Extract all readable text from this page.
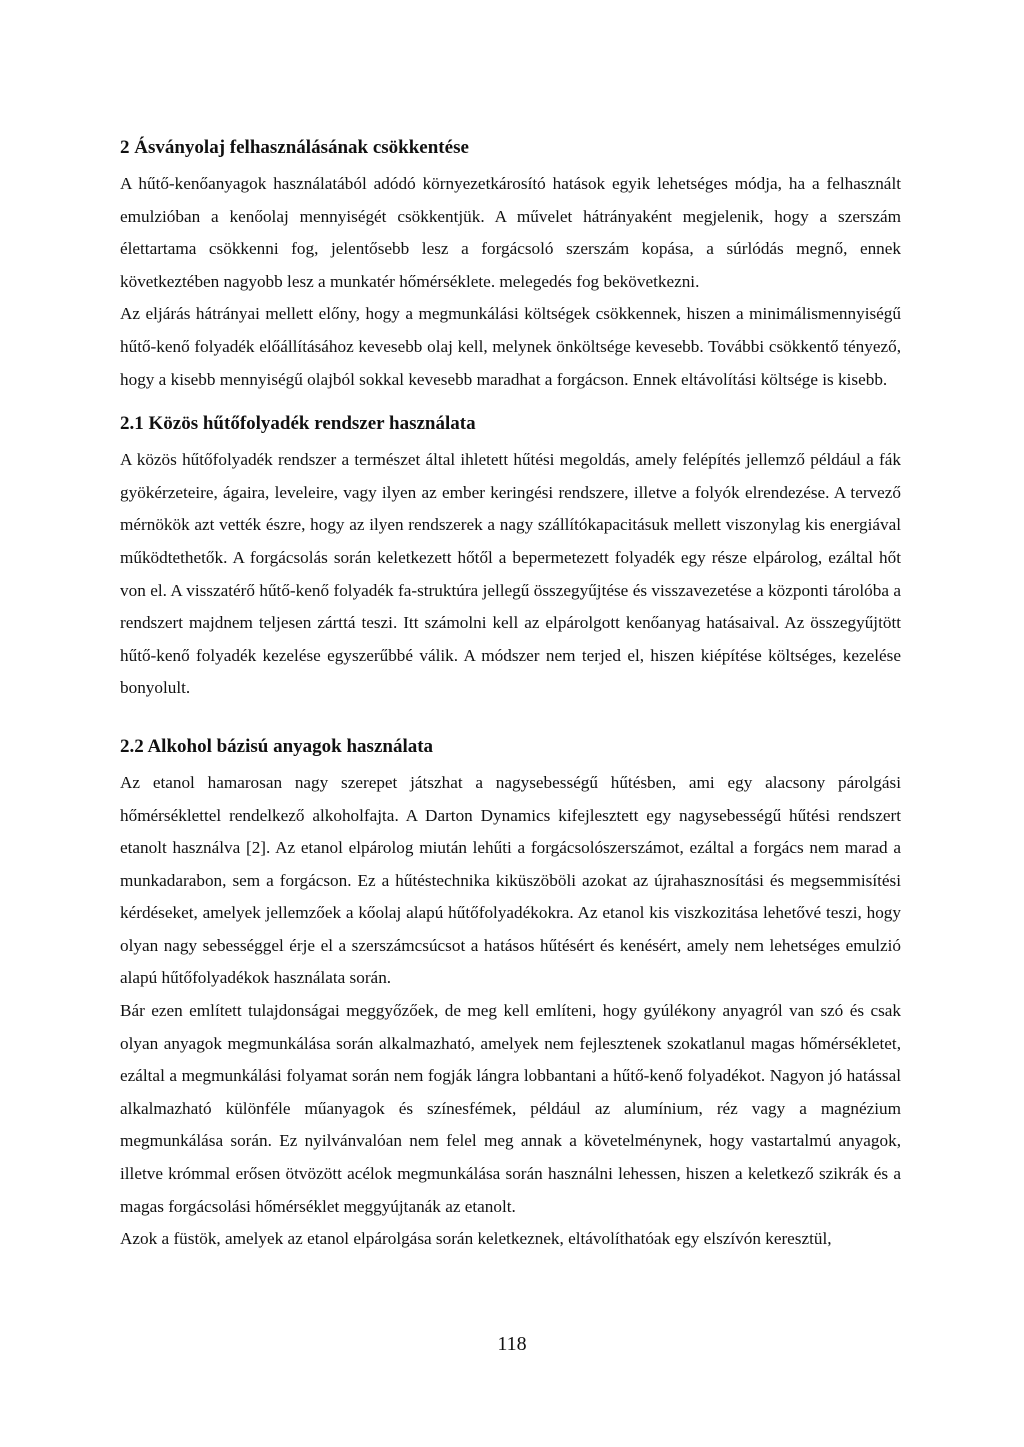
2 Ásványolaj felhasználásának csökkentése

A hűtő-kenőanyagok használatából adódó környezetkárosító hatások egyik lehetséges módja, ha a felhasznált emulzióban a kenőolaj mennyiségét csökkentjük. A művelet hátrányaként megjelenik, hogy a szerszám élettartama csökkenni fog, jelentősebb lesz a forgácsoló szerszám kopása, a súrlódás megnő, ennek következtében nagyobb lesz a munkatér hőmérséklete. melegedés fog bekövetkezni.

Az eljárás hátrányai mellett előny, hogy a megmunkálási költségek csökkennek, hiszen a minimálismennyiségű hűtő-kenő folyadék előállításához kevesebb olaj kell, melynek önköltsége kevesebb. További csökkentő tényező, hogy a kisebb mennyiségű olajból sokkal kevesebb maradhat a forgácson. Ennek eltávolítási költsége is kisebb.

2.1 Közös hűtőfolyadék rendszer használata

A közös hűtőfolyadék rendszer a természet által ihletett hűtési megoldás, amely felépítés jellemző például a fák gyökérzeteire, ágaira, leveleire, vagy ilyen az ember keringési rendszere, illetve a folyók elrendezése. A tervező mérnökök azt vették észre, hogy az ilyen rendszerek a nagy szállítókapacitásuk mellett viszonylag kis energiával működtethetők. A forgácsolás során keletkezett hőtől a bepermetezett folyadék egy része elpárolog, ezáltal hőt von el. A visszatérő hűtő-kenő folyadék fa-struktúra jellegű összegyűjtése és visszavezetése a központi tárolóba a rendszert majdnem teljesen zárttá teszi. Itt számolni kell az elpárolgott kenőanyag hatásaival. Az összegyűjtött hűtő-kenő folyadék kezelése egyszerűbbé válik. A módszer nem terjed el, hiszen kiépítése költséges, kezelése bonyolult.

2.2 Alkohol bázisú anyagok használata

Az etanol hamarosan nagy szerepet játszhat a nagysebességű hűtésben, ami egy alacsony párolgási hőmérséklettel rendelkező alkoholfajta. A Darton Dynamics kifejlesztett egy nagysebességű hűtési rendszert etanolt használva [2]. Az etanol elpárolog miután lehűti a forgácsolószerszámot, ezáltal a forgács nem marad a munkadarabon, sem a forgácson. Ez a hűtéstechnika kiküszöböli azokat az újrahasznosítási és megsemmisítési kérdéseket, amelyek jellemzőek a kőolaj alapú hűtőfolyadékokra. Az etanol kis viszkozitása lehetővé teszi, hogy olyan nagy sebességgel érje el a szerszámcsúcsot a hatásos hűtésért és kenésért, amely nem lehetséges emulzió alapú hűtőfolyadékok használata során.

Bár ezen említett tulajdonságai meggyőzőek, de meg kell említeni, hogy gyúlékony anyagról van szó és csak olyan anyagok megmunkálása során alkalmazható, amelyek nem fejlesztenek szokatlanul magas hőmérsékletet, ezáltal a megmunkálási folyamat során nem fogják lángra lobbantani a hűtő-kenő folyadékot. Nagyon jó hatással alkalmazható különféle műanyagok és színesfémek, például az alumínium, réz vagy a magnézium megmunkálása során. Ez nyilvánvalóan nem felel meg annak a követelménynek, hogy vastartalmú anyagok, illetve krómmal erősen ötvözött acélok megmunkálása során használni lehessen, hiszen a keletkező szikrák és a magas forgácsolási hőmérséklet meggyújtanák az etanolt.

Azok a füstök, amelyek az etanol elpárolgása során keletkeznek, eltávolíthatóak egy elszívón keresztül,

118
